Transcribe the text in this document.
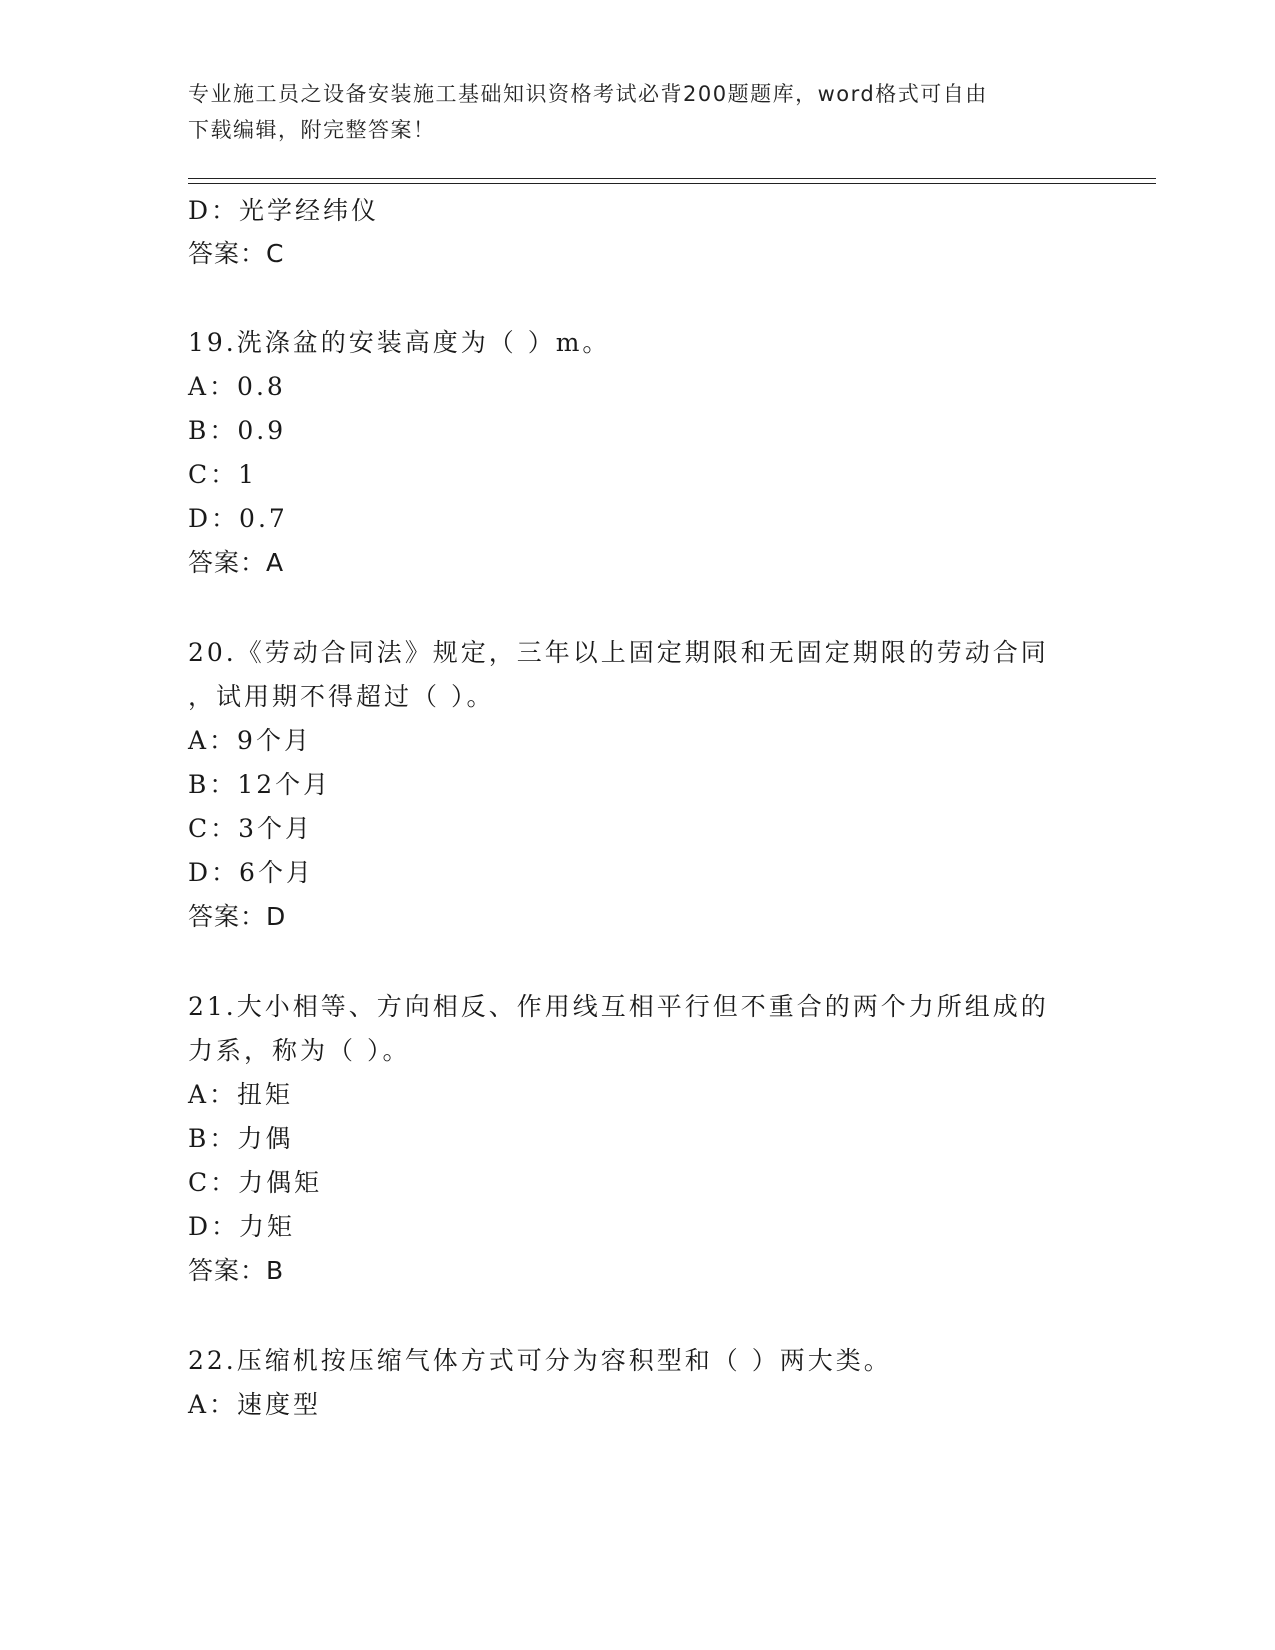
专业施工员之设备安装施工基础知识资格考试必背200题题库，word格式可自由
下载编辑，附完整答案！
D：光学经纬仪
答案：C
19.洗涤盆的安装高度为（ ）m。
A：0.8
B：0.9
C：1
D：0.7
答案：A
20.《劳动合同法》规定，三年以上固定期限和无固定期限的劳动合同
，试用期不得超过（ ）。
A：9个月
B：12个月
C：3个月
D：6个月
答案：D
21.大小相等、方向相反、作用线互相平行但不重合的两个力所组成的
力系，称为（ ）。
A：扭矩
B：力偶
C：力偶矩
D：力矩
答案：B
22.压缩机按压缩气体方式可分为容积型和（ ）两大类。
A：速度型
